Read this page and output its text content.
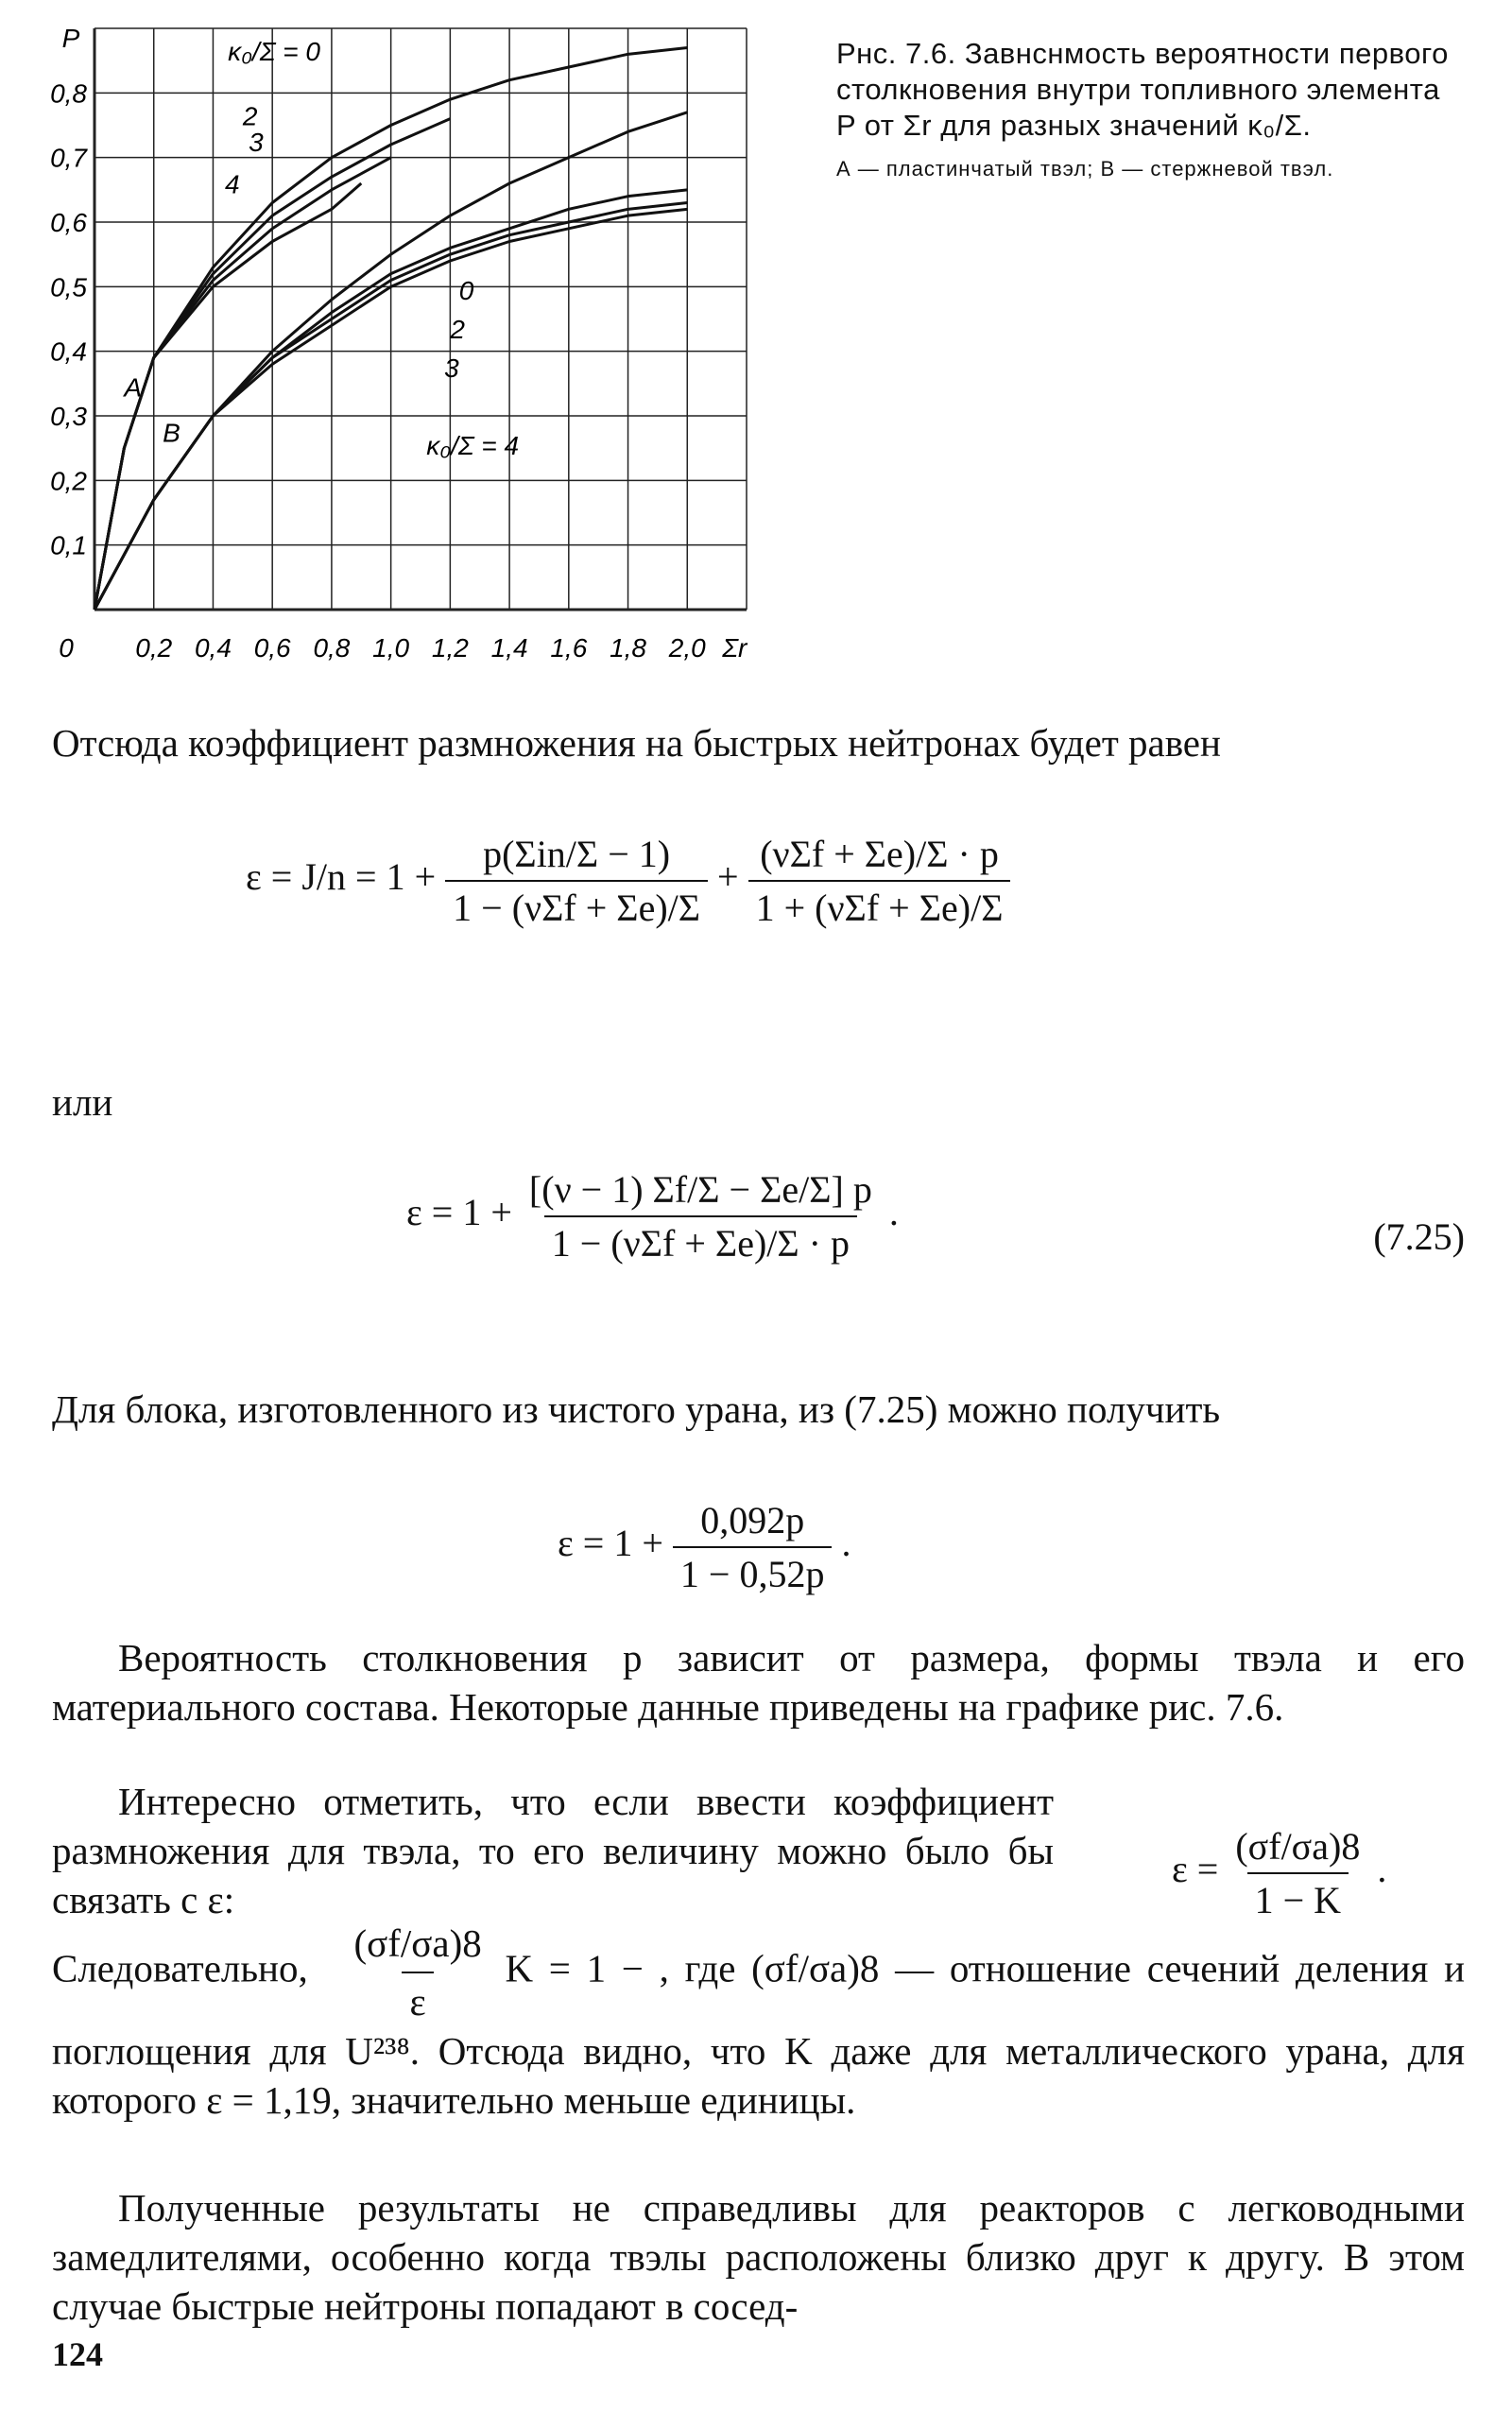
0,8
0,7
0,6
0,5
0,4
0,3
0,2
0,1
0 0,2 0,4 0,6 0,8 1,0 1,2 1,4 1,6 1,8 2,0
P
Σr
κ₀/Σ = 0
2
3
4
0
2
3
κ₀/Σ = 4
A
B
Рнс. 7.6. Завнснмость вероятности первого столкновения внутри топливного элемента P от Σr для разных значений κ₀/Σ.
А — пластинчатый твэл; В — стержневой твэл.
Отсюда коэффициент размножения на быстрых нейтронах будет равен
$\varepsilon = J/n = 1 + \frac{\text{p(Σin/Σ − 1)}}{\text{1 − (νΣf + Σe)/Σ}} + \frac{\text{(νΣf + Σe)/Σ · p}}{\text{1 + (νΣf + Σe)/Σ}}$
или
$\varepsilon = 1 + \frac{[(\nu - 1) \Sigma f/\Sigma - \Sigma e/\Sigma] p}{\text{1 − (νΣf + Σe)/Σ · p}}$ .
(7.25)
Для блока, изготовленного из чистого урана, из (7.25) можно получить
$\varepsilon = 1 + \frac{0,092p}{1 - 0,52p}$ .
Вероятность столкновения p зависит от размера, формы твэла и его материального состава. Некоторые данные приведены на графике рис. 7.6.
Интересно отметить, что если ввести коэффициент размножения для твэла, то его величину можно было бы связать с ε:
$\varepsilon = \frac{(\sigma f/\sigma a)8}{1 - K}$ .
Следовательно, $\frac{(\sigma f/\sigma a)8}{\varepsilon}$ K = 1 − , где (σf/σa)8 — отношение сечений деления и поглощения для U²³⁸. Отсюда видно, что K даже для металлического урана, для которого ε = 1,19, значительно меньше единицы.
Полученные результаты не справедливы для реакторов с легководными замедлителями, особенно когда твэлы расположены близко друг к другу. В этом случае быстрые нейтроны попадают в сосед-
124
